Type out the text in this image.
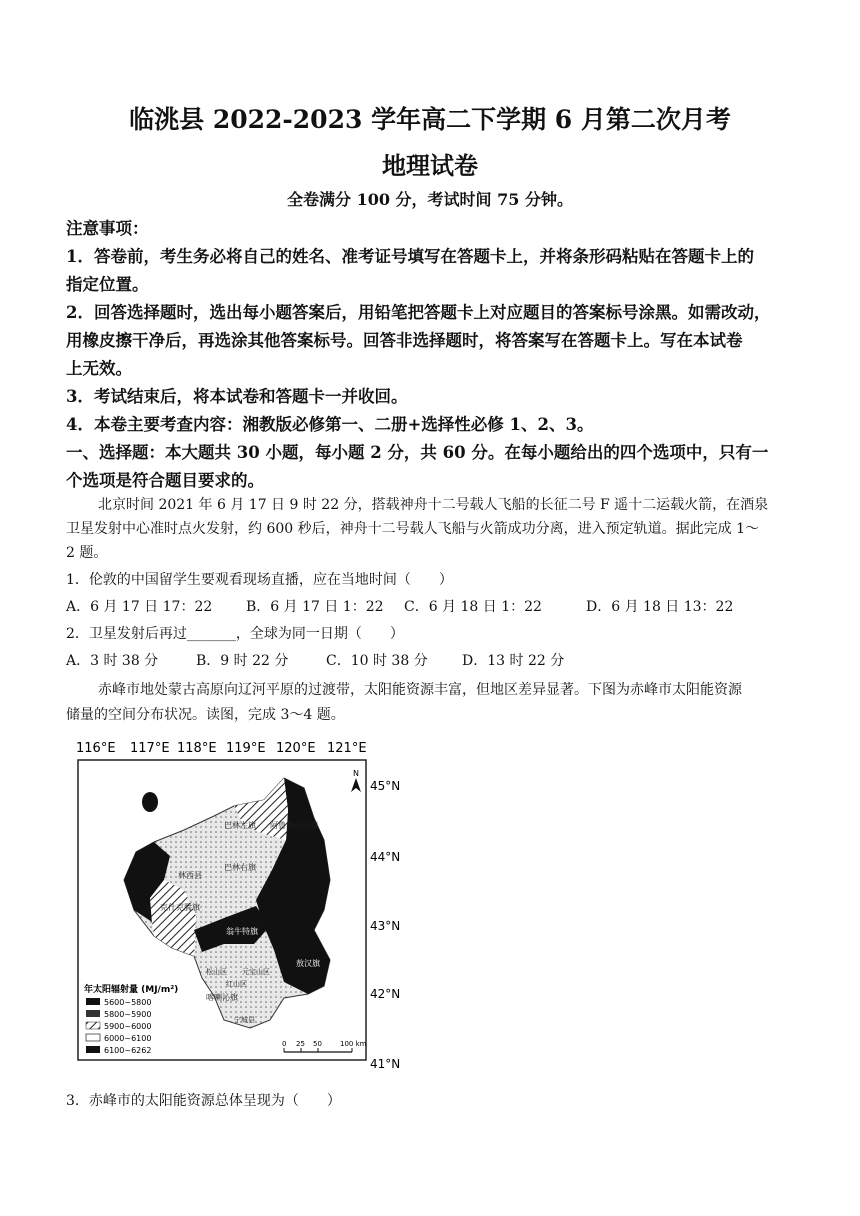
临洮县 2022-2023 学年高二下学期 6 月第二次月考
地理试卷
全卷满分 100 分，考试时间 75 分钟。
注意事项：
1．答卷前，考生务必将自己的姓名、准考证号填写在答题卡上，并将条形码粘贴在答题卡上的
指定位置。
2．回答选择题时，选出每小题答案后，用铅笔把答题卡上对应题目的答案标号涂黑。如需改动，
用橡皮擦干净后，再选涂其他答案标号。回答非选择题时，将答案写在答题卡上。写在本试卷
上无效。
3．考试结束后，将本试卷和答题卡一并收回。
4．本卷主要考查内容：湘教版必修第一、二册+选择性必修 1、2、3。
一、选择题：本大题共 30 小题，每小题 2 分，共 60 分。在每小题给出的四个选项中，只有一
个选项是符合题目要求的。
北京时间 2021 年 6 月 17 日 9 时 22 分，搭载神舟十二号载人飞船的长征二号 F 遥十二运载火箭，在酒泉
卫星发射中心准时点火发射，约 600 秒后，神舟十二号载人飞船与火箭成功分离，进入预定轨道。据此完成 1～
2 题。
1．伦敦的中国留学生要观看现场直播，应在当地时间（　　）
A．6 月 17 日 17：22 B．6 月 17 日 1：22 C．6 月 18 日 1：22	D．6 月 18 日 13：22
2．卫星发射后再过_______，全球为同一日期（　　）
A．3 时 38 分	B．9 时 22 分	C．10 时 38 分 D．13 时 22 分
赤峰市地处蒙古高原向辽河平原的过渡带，太阳能资源丰富，但地区差异显著。下图为赤峰市太阳能资源
储量的空间分布状况。读图，完成 3～4 题。
116°E 117°E 118°E 119°E 120°E 121°E
45°N
44°N
43°N
42°N
41°N
N
巴林左旗 阿鲁科尔沁旗
林西县
巴林右旗
克什克腾旗
翁牛特旗
敖汉旗
松山区 元宝山区
红山区
喀喇沁旗
宁城县
年太阳辐射量 (MJ/m²)
5600~5800
5800~5900
5900~6000
6000~6100
6100~6262
0 25 50	100 km
3．赤峰市的太阳能资源总体呈现为（　　）
